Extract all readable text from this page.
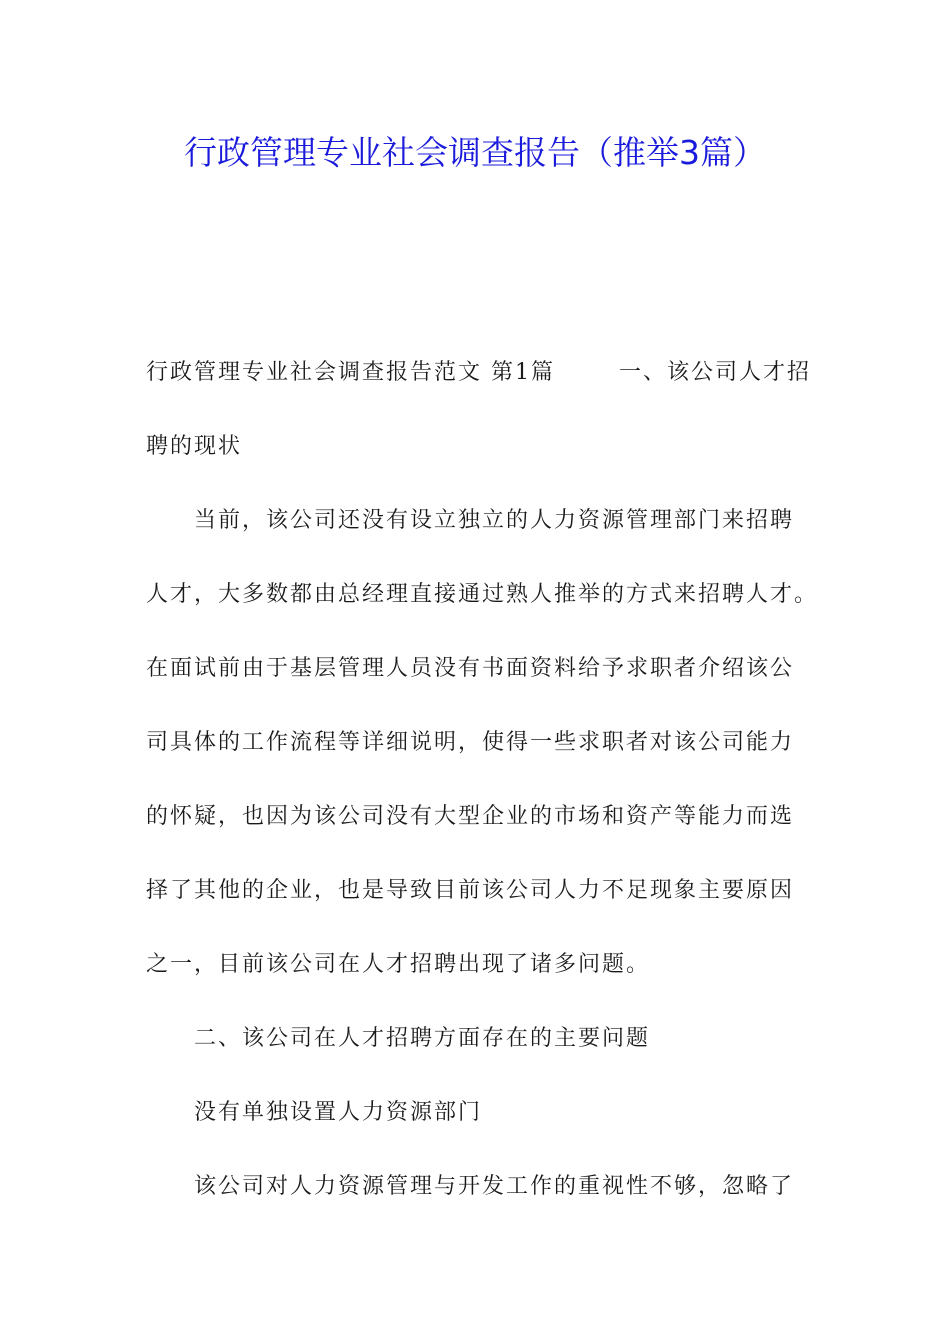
行政管理专业社会调查报告（推举3篇）
行政管理专业社会调查报告范文 第1篇	一、该公司人才招
聘的现状
当前，该公司还没有设立独立的人力资源管理部门来招聘
人才，大多数都由总经理直接通过熟人推举的方式来招聘人才。
在面试前由于基层管理人员没有书面资料给予求职者介绍该公
司具体的工作流程等详细说明，使得一些求职者对该公司能力
的怀疑，也因为该公司没有大型企业的市场和资产等能力而选
择了其他的企业，也是导致目前该公司人力不足现象主要原因
之一，目前该公司在人才招聘出现了诸多问题。
二、该公司在人才招聘方面存在的主要问题
没有单独设置人力资源部门
该公司对人力资源管理与开发工作的重视性不够，忽略了
